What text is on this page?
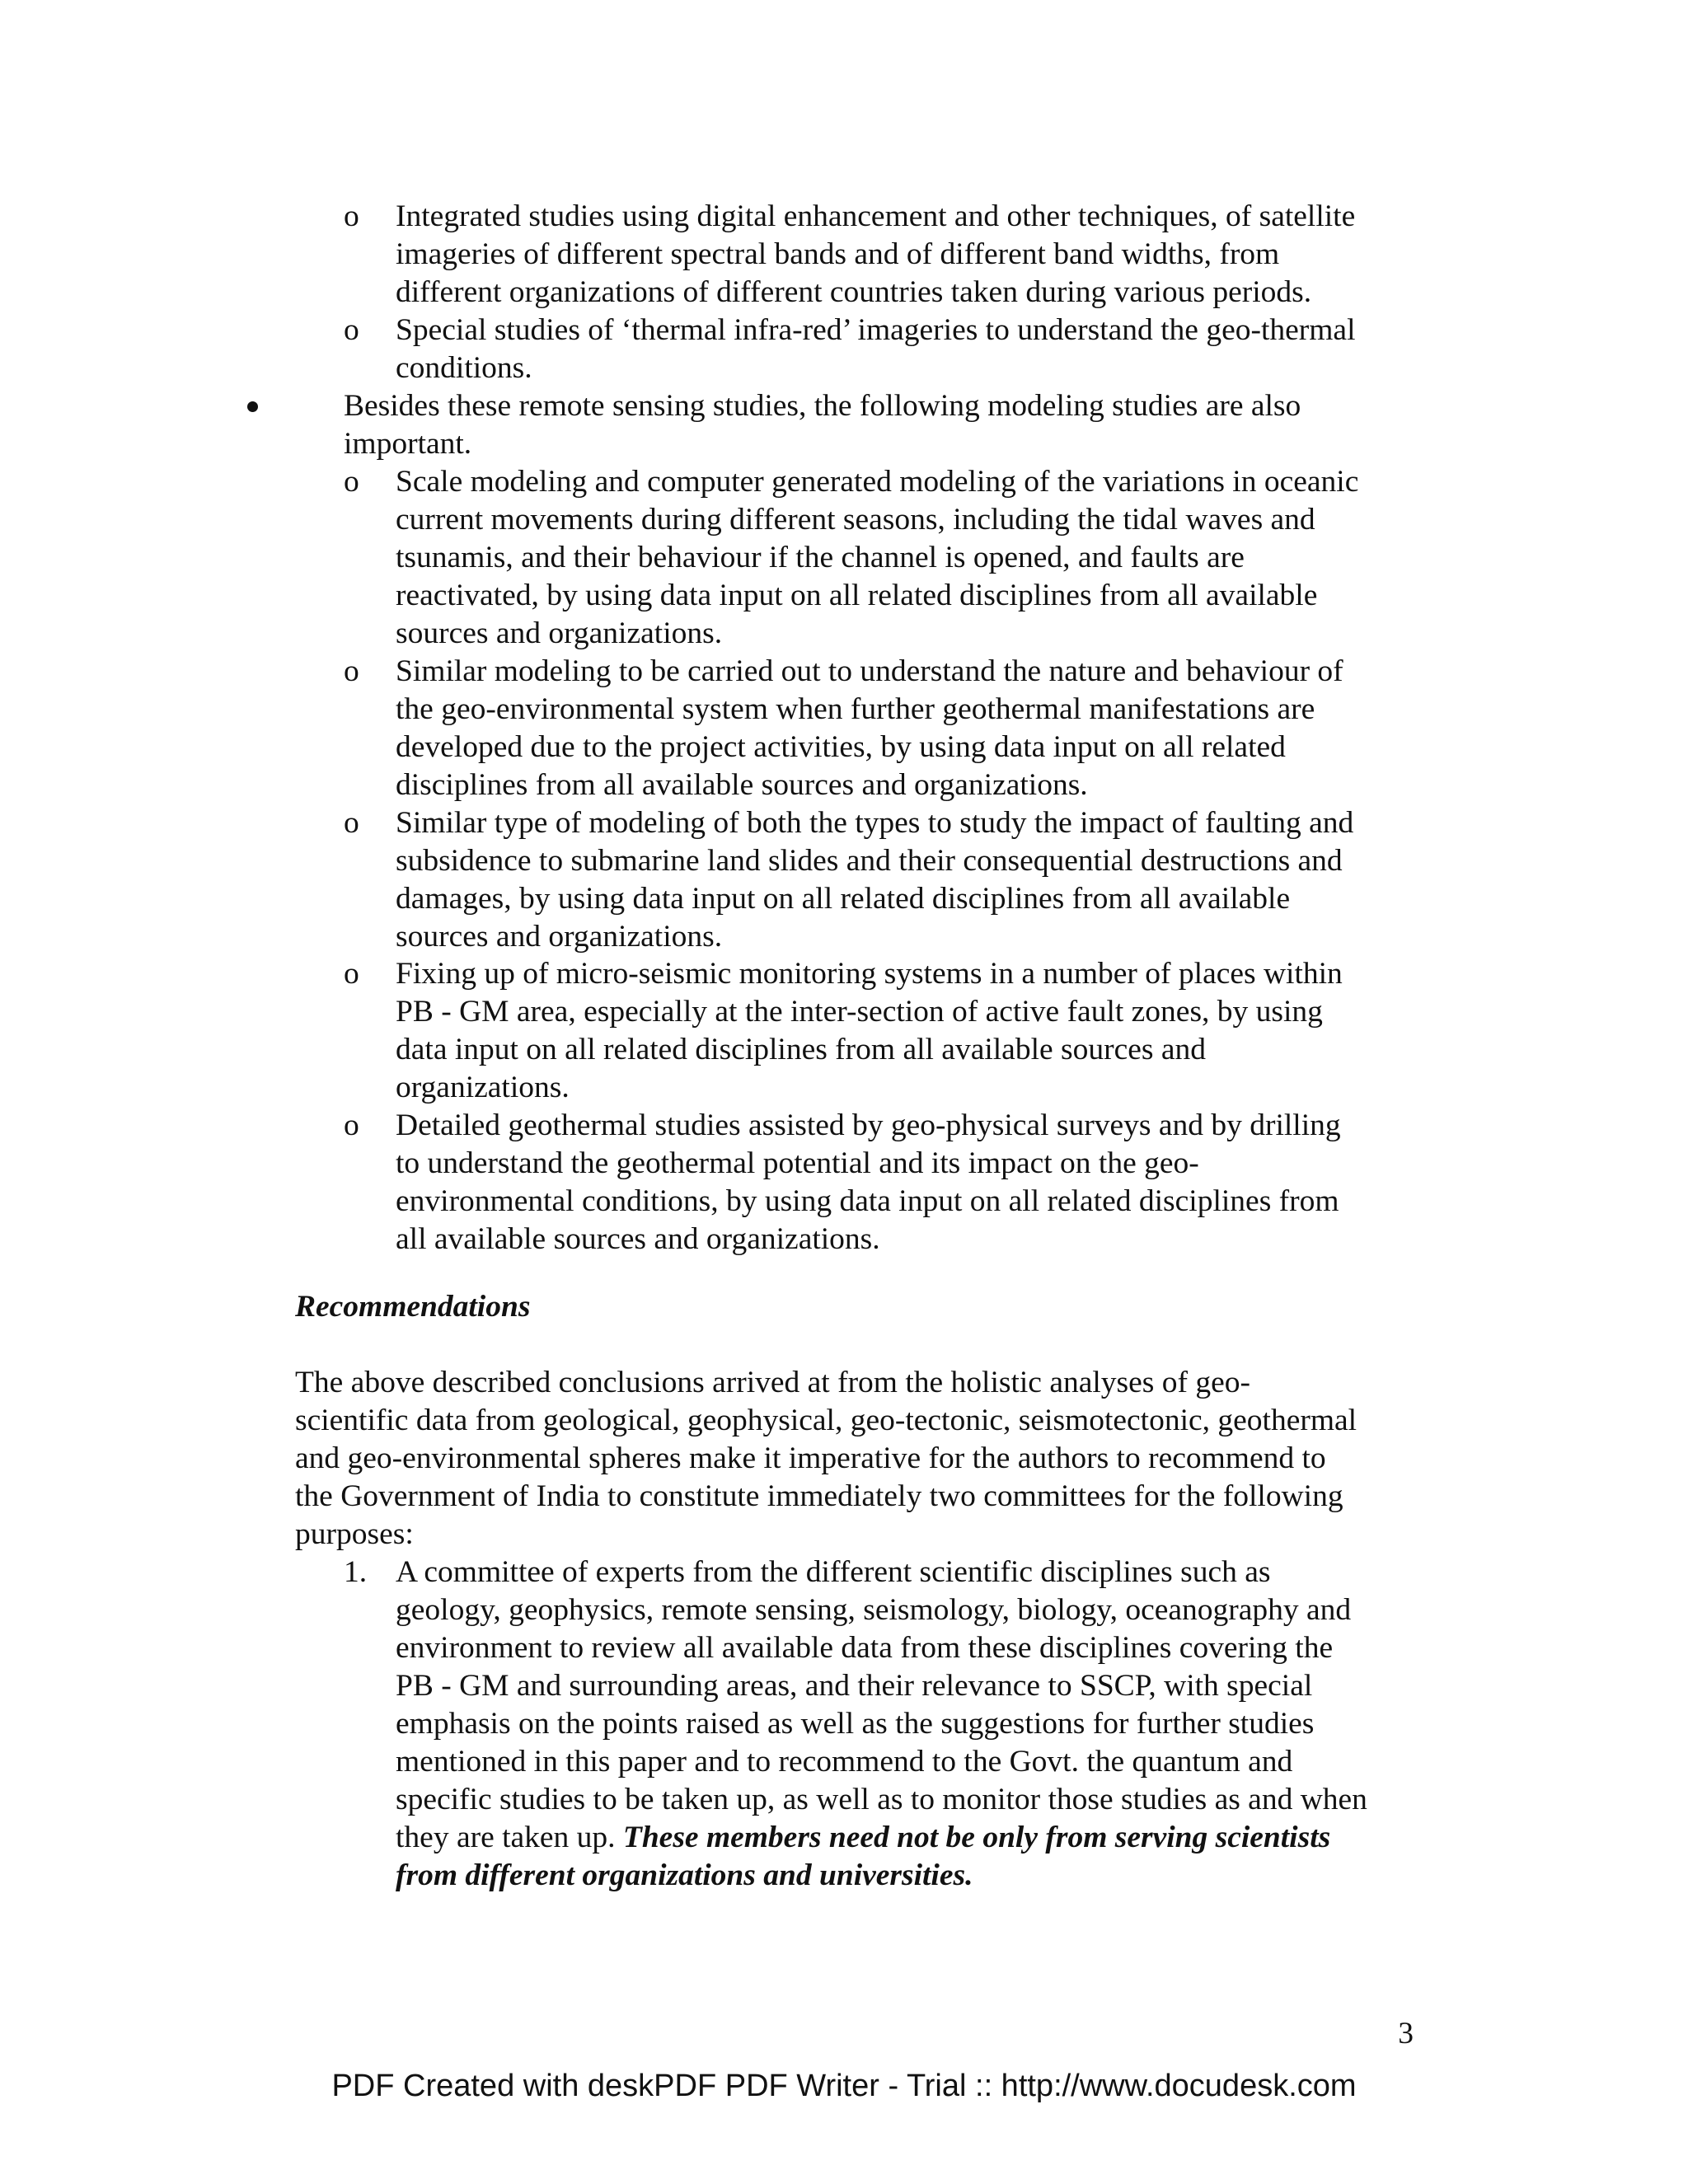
o Integrated studies using digital enhancement and other techniques, of satellite
imageries of different spectral bands and of different band widths, from
different organizations of different countries taken during various periods.
o Special studies of ‘thermal infra-red’ imageries to understand the geo-thermal
conditions.
Besides these remote sensing studies, the following modeling studies are also
important.
o Scale modeling and computer generated modeling of the variations in oceanic
current movements during different seasons, including the tidal waves and
tsunamis, and their behaviour if the channel is opened, and faults are
reactivated, by using data input on all related disciplines from all available
sources and organizations.
o Similar modeling to be carried out to understand the nature and behaviour of
the geo-environmental system when further geothermal manifestations are
developed due to the project activities, by using data input on all related
disciplines from all available sources and organizations.
o Similar type of modeling of both the types to study the impact of faulting and
subsidence to submarine land slides and their consequential destructions and
damages, by using data input on all related disciplines from all available
sources and organizations.
o Fixing up of micro-seismic monitoring systems in a number of places within
PB - GM area, especially at the inter-section of active fault zones, by using
data input on all related disciplines from all available sources and
organizations.
o Detailed geothermal studies assisted by geo-physical surveys and by drilling
to understand the geothermal potential and its impact on the geo-
environmental conditions, by using data input on all related disciplines from
all available sources and organizations.
Recommendations
The above described conclusions arrived at from the holistic analyses of geo-
scientific data from geological, geophysical, geo-tectonic, seismotectonic, geothermal
and geo-environmental spheres make it imperative for the authors to recommend to
the Government of India to constitute immediately two committees for the following
purposes:
1. A committee of experts from the different scientific disciplines such as
geology, geophysics, remote sensing, seismology, biology, oceanography and
environment to review all available data from these disciplines covering the
PB - GM and surrounding areas, and their relevance to SSCP, with special
emphasis on the points raised as well as the suggestions for further studies
mentioned in this paper and to recommend to the Govt. the quantum and
specific studies to be taken up, as well as to monitor those studies as and when
they are taken up. These members need not be only from serving scientists
from different organizations and universities.
3
PDF Created with deskPDF PDF Writer - Trial :: http://www.docudesk.com
